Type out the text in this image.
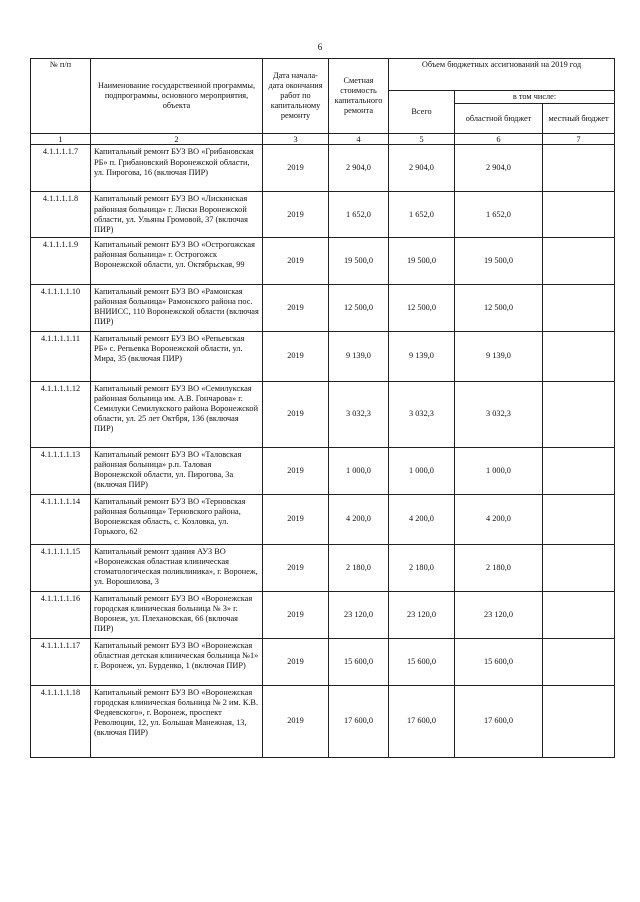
6
№ п/п	Наименование государственной программы, подпрограммы, основного мероприятия, объекта	Дата начала-дата окончания работ по капитальному ремонту	Сметная стоимость капитального ремонта	Объем бюджетных ассигнований на 2019 год		
				Всего	в том числе:	
					областной бюджет	местный бюджет
1	2	3	4	5	6	7
4.1.1.1.1.7	Капитальный ремонт БУЗ ВО «Грибановская РБ» п. Грибановский Воронежской области, ул. Пирогова, 16 (включая ПИР)	2019	2 904,0	2 904,0	2 904,0	
4.1.1.1.1.8	Капитальный ремонт БУЗ ВО «Лискинская районная больница» г. Лиски Воронежской области, ул. Ульяны Громовой, 37 (включая ПИР)	2019	1 652,0	1 652,0	1 652,0	
4.1.1.1.1.9	Капитальный ремонт БУЗ ВО «Острогожская районная больница» г. Острогожск Воронежской области, ул. Октябрьская, 99	2019	19 500,0	19 500,0	19 500,0	
4.1.1.1.1.10	Капитальный ремонт БУЗ ВО «Рамонская районная больница» Рамонского района пос. ВНИИСС, 110 Воронежской области (включая ПИР)	2019	12 500,0	12 500,0	12 500,0	
4.1.1.1.1.11	Капитальный ремонт БУЗ ВО «Репьевская РБ» с. Репьевка Воронежской области, ул. Мира, 35 (включая ПИР)	2019	9 139,0	9 139,0	9 139,0	
4.1.1.1.1.12	Капитальный ремонт БУЗ ВО «Семилукская районная больница им. А.В. Гончарова» г. Семилуки Семилукского района Воронежской области, ул. 25 лет Октбря, 136 (включая ПИР)	2019	3 032,3	3 032,3	3 032,3	
4.1.1.1.1.13	Капитальный ремонт БУЗ ВО «Таловская районная больница» р.п. Таловая Воронежской области, ул. Пирогова, 3а (включая ПИР)	2019	1 000,0	1 000,0	1 000,0	
4.1.1.1.1.14	Капитальный ремонт БУЗ ВО «Терновская районная больница» Терновского района, Воронежская область, с. Козловка, ул. Горького, 62	2019	4 200,0	4 200,0	4 200,0	
4.1.1.1.1.15	Капитальный ремонт здания АУЗ ВО «Воронежская областная клиническая стоматологическая поликлиника», г. Воронеж, ул. Ворошилова, 3	2019	2 180,0	2 180,0	2 180,0	
4.1.1.1.1.16	Капитальный ремонт БУЗ ВО «Воронежская городская клиническая больница № 3» г. Воронеж, ул. Плехановская, 66 (включая ПИР)	2019	23 120,0	23 120,0	23 120,0	
4.1.1.1.1.17	Капитальный ремонт БУЗ ВО «Воронежская областная детская клиническая больница №1» г. Воронеж, ул. Бурденко, 1 (включая ПИР)	2019	15 600,0	15 600,0	15 600,0	
4.1.1.1.1.18	Капитальный ремонт БУЗ ВО «Воронежская городская клиническая больница № 2 им. К.В. Федяевского», г. Воронеж, проспект Революции, 12, ул. Большая Манежная, 13, (включая ПИР)	2019	17 600,0	17 600,0	17 600,0	
